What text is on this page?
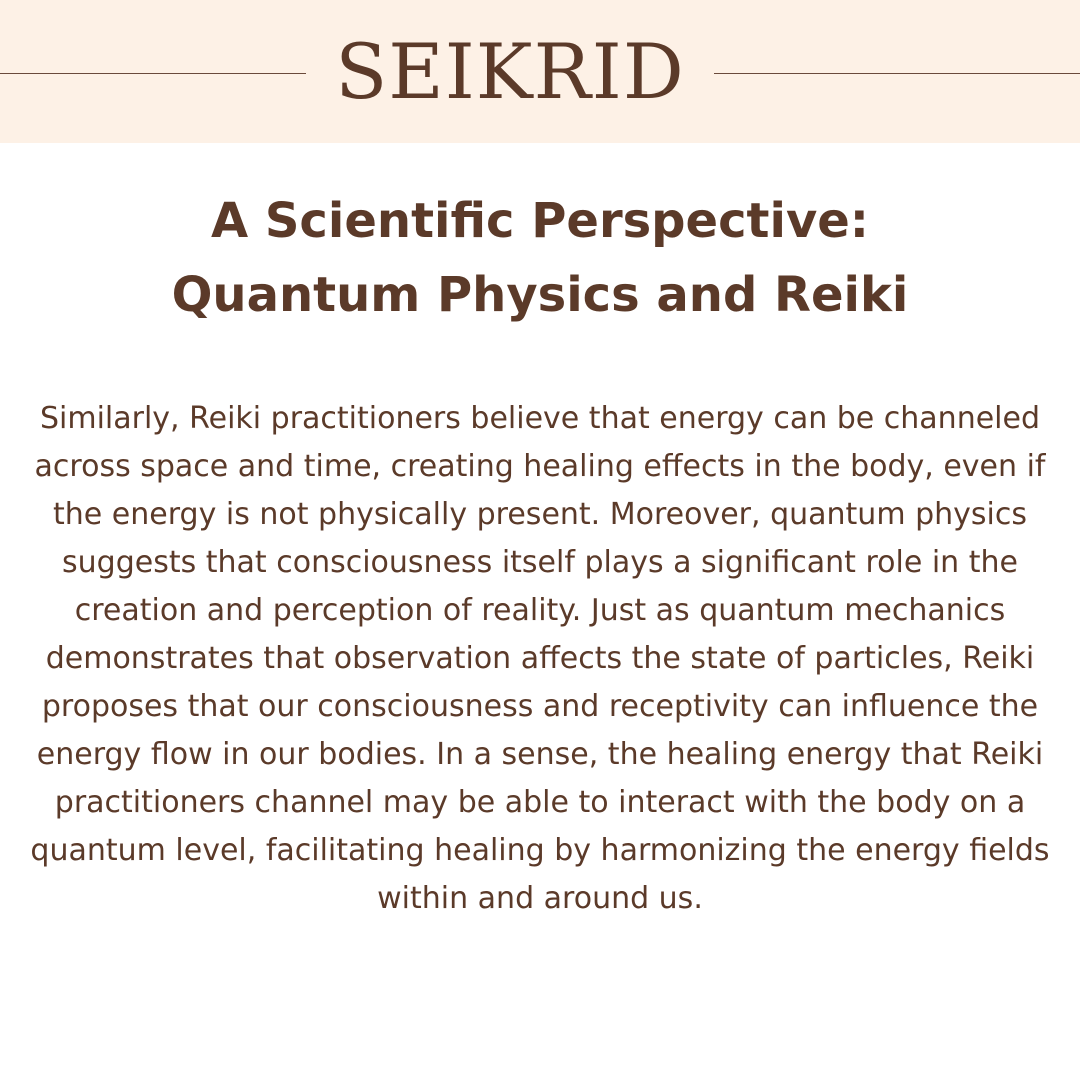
SEIKRID
A Scientific Perspective:
Quantum Physics and Reiki

Similarly, Reiki practitioners believe that energy can be channeled across space and time, creating healing effects in the body, even if the energy is not physically present. Moreover, quantum physics suggests that consciousness itself plays a significant role in the creation and perception of reality. Just as quantum mechanics demonstrates that observation affects the state of particles, Reiki proposes that our consciousness and receptivity can influence the energy flow in our bodies. In a sense, the healing energy that Reiki practitioners channel may be able to interact with the body on a quantum level, facilitating healing by harmonizing the energy fields within and around us.
